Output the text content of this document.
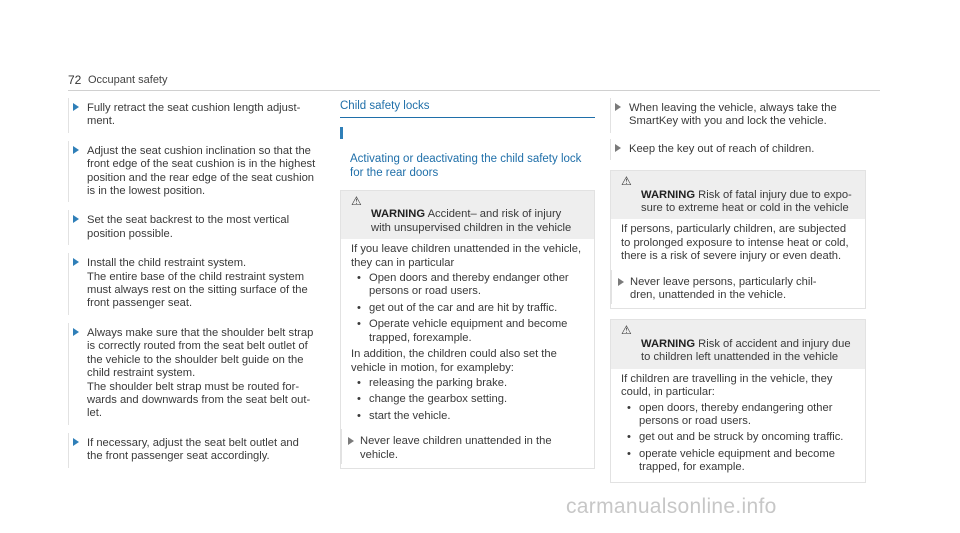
72 Occupant safety
Fully retract the seat cushion length adjust-
ment.
Adjust the seat cushion inclination so that the
front edge of the seat cushion is in the highest
position and the rear edge of the seat cushion
is in the lowest position.
Set the seat backrest to the most vertical
position possible.
Install the child restraint system.
The entire base of the child restraint system
must always rest on the sitting surface of the
front passenger seat.
Always make sure that the shoulder belt strap
is correctly routed from the seat belt outlet of
the vehicle to the shoulder belt guide on the
child restraint system.
The shoulder belt strap must be routed for-
wards and downwards from the seat belt out-
let.
If necessary, adjust the seat belt outlet and
the front passenger seat accordingly.
Child safety locks

Activating or deactivating the child safety lock
for the rear doors

⚠
WARNING Accident– and risk of injury
with unsupervised children in the vehicle

If you leave children unattended in the vehicle,
they can in particular

• Open doors and thereby endanger other
persons or road users.
• get out of the car and are hit by traffic.
• Operate vehicle equipment and become
trapped, forexample.

In addition, the children could also set the
vehicle in motion, for exampleby:

• releasing the parking brake.
• change the gearbox setting.
• start the vehicle.
Never leave children unattended in the
vehicle.
When leaving the vehicle, always take the
SmartKey with you and lock the vehicle.
Keep the key out of reach of children.

⚠
WARNING Risk of fatal injury due to expo-
sure to extreme heat or cold in the vehicle

If persons, particularly children, are subjected
to prolonged exposure to intense heat or cold,
there is a risk of severe injury or even death.

Never leave persons, particularly chil-
dren, unattended in the vehicle.

⚠
WARNING Risk of accident and injury due
to children left unattended in the vehicle

If children are travelling in the vehicle, they
could, in particular:

• open doors, thereby endangering other
persons or road users.
• get out and be struck by oncoming traffic.
• operate vehicle equipment and become
trapped, for example.
carmanualsonline.info
